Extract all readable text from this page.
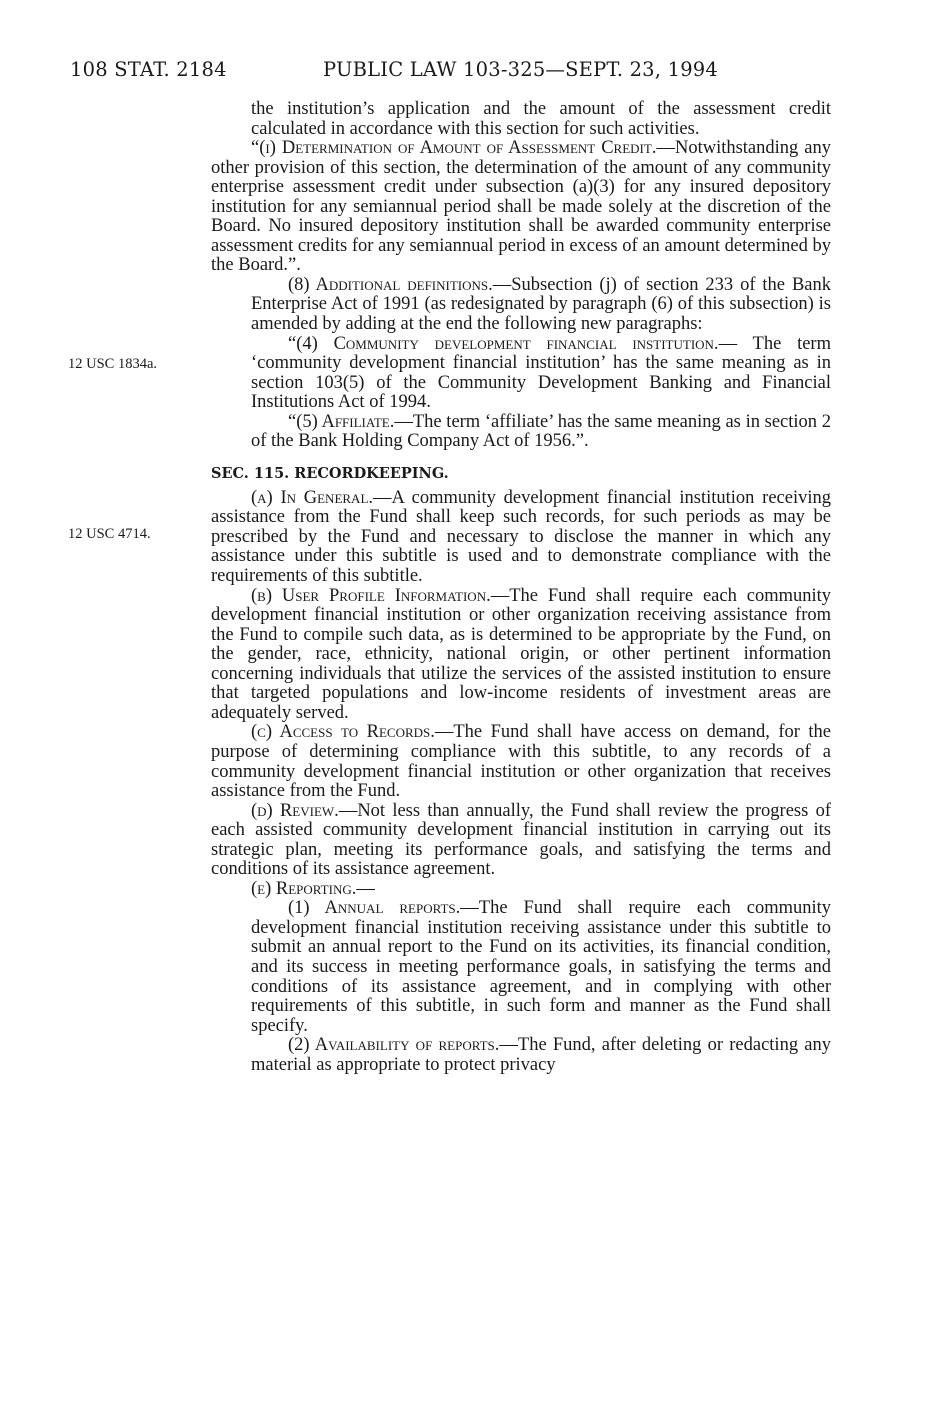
108 STAT. 2184	PUBLIC LAW 103-325—SEPT. 23, 1994
12 USC 1834a.
12 USC 4714.

the institution’s application and the amount of the assessment credit calculated in accordance with this section for such activities.

“(i) Determination of Amount of Assessment Credit.—Notwithstanding any other provision of this section, the determination of the amount of any community enterprise assessment credit under subsection (a)(3) for any insured depository institution for any semiannual period shall be made solely at the discretion of the Board. No insured depository institution shall be awarded community enterprise assessment credits for any semiannual period in excess of an amount determined by the Board.”.

(8) Additional definitions.—Subsection (j) of section 233 of the Bank Enterprise Act of 1991 (as redesignated by paragraph (6) of this subsection) is amended by adding at the end the following new paragraphs:

“(4) Community development financial institution.— The term ‘community development financial institution’ has the same meaning as in section 103(5) of the Community Development Banking and Financial Institutions Act of 1994.

“(5) Affiliate.—The term ‘affiliate’ has the same meaning as in section 2 of the Bank Holding Company Act of 1956.”.

SEC. 115. RECORDKEEPING.

(a) In General.—A community development financial institution receiving assistance from the Fund shall keep such records, for such periods as may be prescribed by the Fund and necessary to disclose the manner in which any assistance under this subtitle is used and to demonstrate compliance with the requirements of this subtitle.

(b) User Profile Information.—The Fund shall require each community development financial institution or other organization receiving assistance from the Fund to compile such data, as is determined to be appropriate by the Fund, on the gender, race, ethnicity, national origin, or other pertinent information concerning individuals that utilize the services of the assisted institution to ensure that targeted populations and low-income residents of investment areas are adequately served.

(c) Access to Records.—The Fund shall have access on demand, for the purpose of determining compliance with this subtitle, to any records of a community development financial institution or other organization that receives assistance from the Fund.

(d) Review.—Not less than annually, the Fund shall review the progress of each assisted community development financial institution in carrying out its strategic plan, meeting its performance goals, and satisfying the terms and conditions of its assistance agreement.

(e) Reporting.—

(1) Annual reports.—The Fund shall require each community development financial institution receiving assistance under this subtitle to submit an annual report to the Fund on its activities, its financial condition, and its success in meeting performance goals, in satisfying the terms and conditions of its assistance agreement, and in complying with other requirements of this subtitle, in such form and manner as the Fund shall specify.

(2) Availability of reports.—The Fund, after deleting or redacting any material as appropriate to protect privacy
